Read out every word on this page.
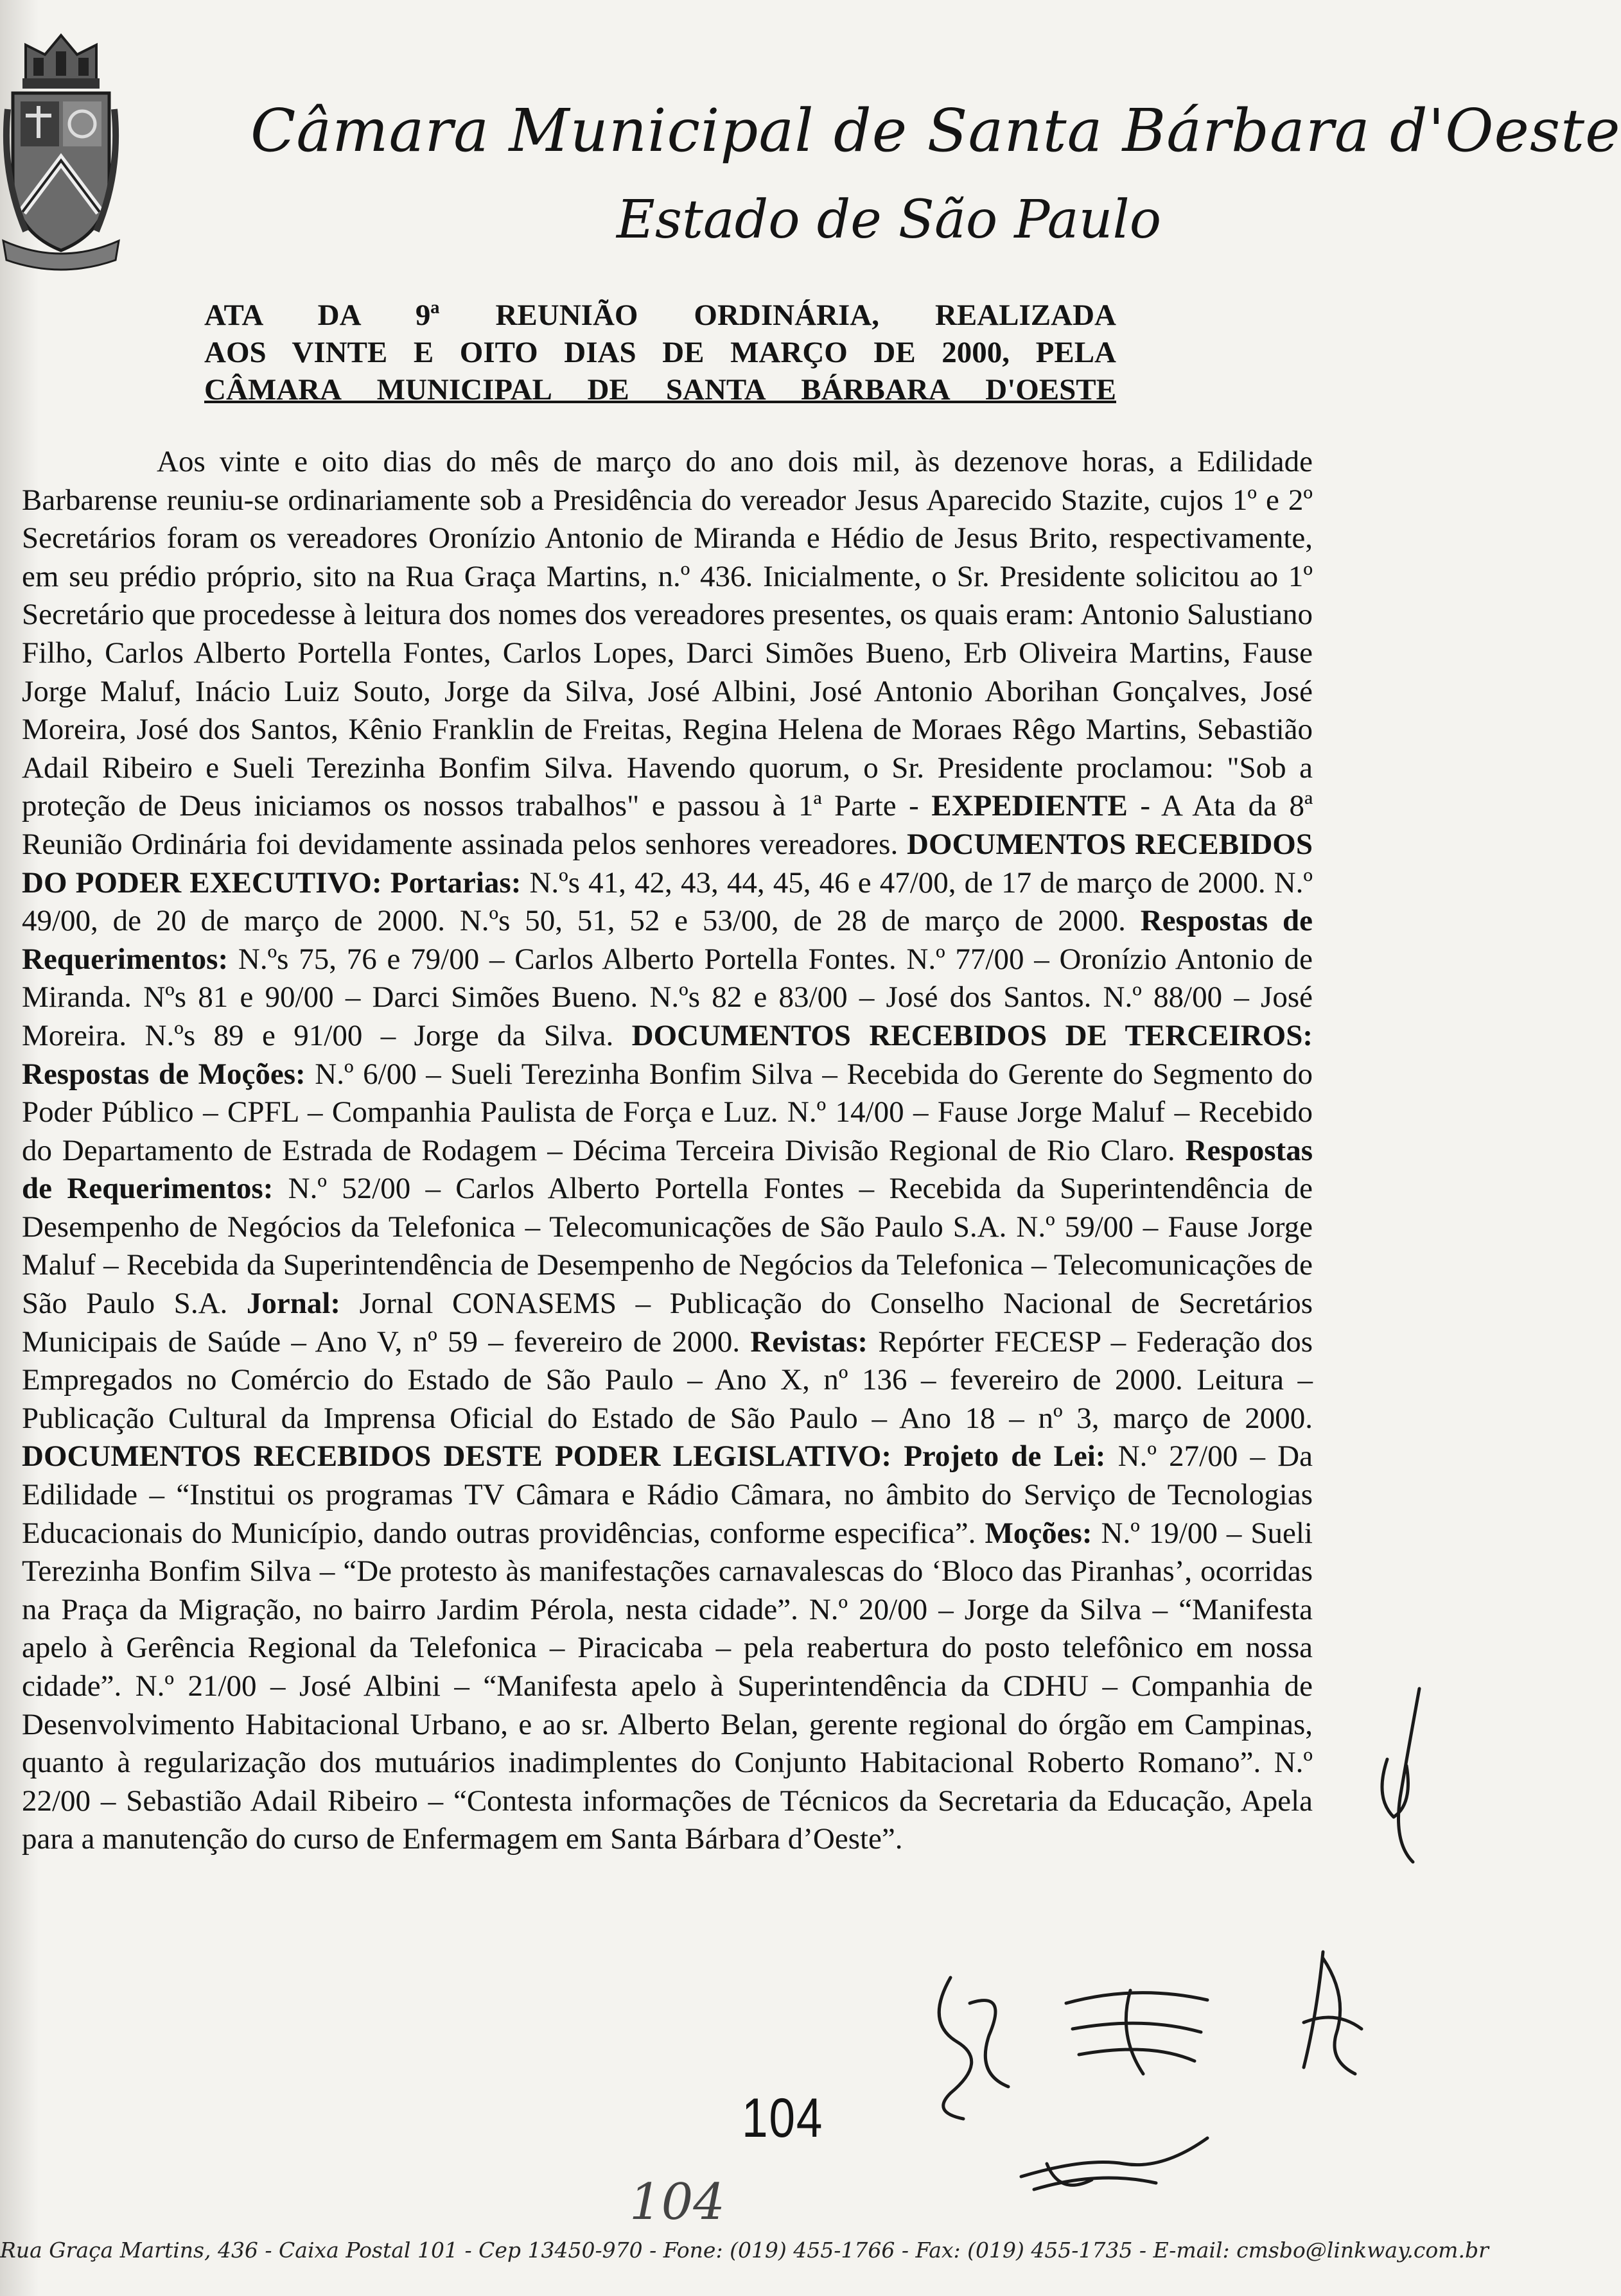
Câmara Municipal de Santa Bárbara d'Oeste
Estado de São Paulo
ATA DA 9ª REUNIÃO ORDINÁRIA, REALIZADA
AOS VINTE E OITO DIAS DE MARÇO DE 2000, PELA
CÂMARA MUNICIPAL DE SANTA BÁRBARA D'OESTE

Aos vinte e oito dias do mês de março do ano dois mil, às dezenove horas, a Edilidade Barbarense reuniu-se ordinariamente sob a Presidência do vereador Jesus Aparecido Stazite, cujos 1º e 2º Secretários foram os vereadores Oronízio Antonio de Miranda e Hédio de Jesus Brito, respectivamente, em seu prédio próprio, sito na Rua Graça Martins, n.º 436. Inicialmente, o Sr. Presidente solicitou ao 1º Secretário que procedesse à leitura dos nomes dos vereadores presentes, os quais eram: Antonio Salustiano Filho, Carlos Alberto Portella Fontes, Carlos Lopes, Darci Simões Bueno, Erb Oliveira Martins, Fause Jorge Maluf, Inácio Luiz Souto, Jorge da Silva, José Albini, José Antonio Aborihan Gonçalves, José Moreira, José dos Santos, Kênio Franklin de Freitas, Regina Helena de Moraes Rêgo Martins, Sebastião Adail Ribeiro e Sueli Terezinha Bonfim Silva. Havendo quorum, o Sr. Presidente proclamou: "Sob a proteção de Deus iniciamos os nossos trabalhos" e passou à 1ª Parte - EXPEDIENTE - A Ata da 8ª Reunião Ordinária foi devidamente assinada pelos senhores vereadores. DOCUMENTOS RECEBIDOS DO PODER EXECUTIVO: Portarias: N.ºs 41, 42, 43, 44, 45, 46 e 47/00, de 17 de março de 2000. N.º 49/00, de 20 de março de 2000. N.ºs 50, 51, 52 e 53/00, de 28 de março de 2000. Respostas de Requerimentos: N.ºs 75, 76 e 79/00 – Carlos Alberto Portella Fontes. N.º 77/00 – Oronízio Antonio de Miranda. Nºs 81 e 90/00 – Darci Simões Bueno. N.ºs 82 e 83/00 – José dos Santos. N.º 88/00 – José Moreira. N.ºs 89 e 91/00 – Jorge da Silva. DOCUMENTOS RECEBIDOS DE TERCEIROS: Respostas de Moções: N.º 6/00 – Sueli Terezinha Bonfim Silva – Recebida do Gerente do Segmento do Poder Público – CPFL – Companhia Paulista de Força e Luz. N.º 14/00 – Fause Jorge Maluf – Recebido do Departamento de Estrada de Rodagem – Décima Terceira Divisão Regional de Rio Claro. Respostas de Requerimentos: N.º 52/00 – Carlos Alberto Portella Fontes – Recebida da Superintendência de Desempenho de Negócios da Telefonica – Telecomunicações de São Paulo S.A. N.º 59/00 – Fause Jorge Maluf – Recebida da Superintendência de Desempenho de Negócios da Telefonica – Telecomunicações de São Paulo S.A. Jornal: Jornal CONASEMS – Publicação do Conselho Nacional de Secretários Municipais de Saúde – Ano V, nº 59 – fevereiro de 2000. Revistas: Repórter FECESP – Federação dos Empregados no Comércio do Estado de São Paulo – Ano X, nº 136 – fevereiro de 2000. Leitura – Publicação Cultural da Imprensa Oficial do Estado de São Paulo – Ano 18 – nº 3, março de 2000. DOCUMENTOS RECEBIDOS DESTE PODER LEGISLATIVO: Projeto de Lei: N.º 27/00 – Da Edilidade – “Institui os programas TV Câmara e Rádio Câmara, no âmbito do Serviço de Tecnologias Educacionais do Município, dando outras providências, conforme especifica”. Moções: N.º 19/00 – Sueli Terezinha Bonfim Silva – “De protesto às manifestações carnavalescas do ‘Bloco das Piranhas’, ocorridas na Praça da Migração, no bairro Jardim Pérola, nesta cidade”. N.º 20/00 – Jorge da Silva – “Manifesta apelo à Gerência Regional da Telefonica – Piracicaba – pela reabertura do posto telefônico em nossa cidade”. N.º 21/00 – José Albini – “Manifesta apelo à Superintendência da CDHU – Companhia de Desenvolvimento Habitacional Urbano, e ao sr. Alberto Belan, gerente regional do órgão em Campinas, quanto à regularização dos mutuários inadimplentes do Conjunto Habitacional Roberto Romano”. N.º 22/00 – Sebastião Adail Ribeiro – “Contesta informações de Técnicos da Secretaria da Educação, Apela para a manutenção do curso de Enfermagem em Santa Bárbara d’Oeste”.

104
104
Rua Graça Martins, 436 - Caixa Postal 101 - Cep 13450-970 - Fone: (019) 455-1766 - Fax: (019) 455-1735 - E-mail: cmsbo@linkway.com.br
